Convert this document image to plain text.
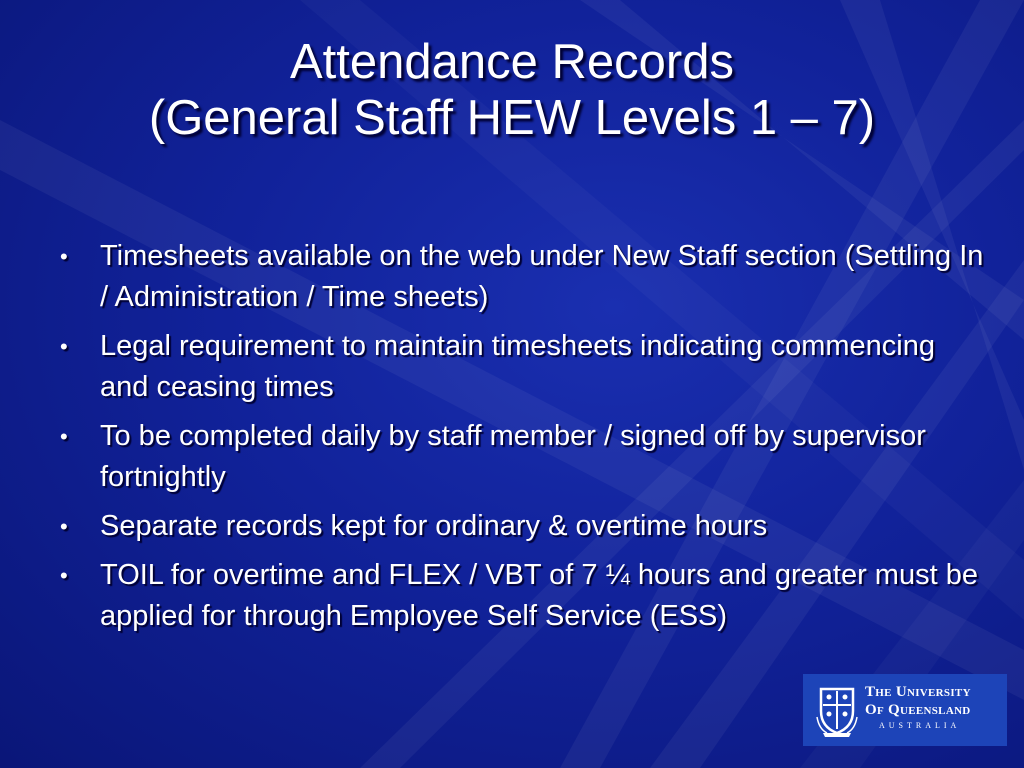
Attendance Records
(General Staff HEW Levels 1 – 7)
• Timesheets available on the web under New Staff section (Settling In / Administration / Time sheets)
• Legal requirement to maintain timesheets indicating commencing and ceasing times
• To be completed daily by staff member / signed off by supervisor fortnightly
• Separate records kept for ordinary & overtime hours
• TOIL for overtime and FLEX / VBT of 7 ¼ hours and greater must be applied for through Employee Self Service (ESS)
The University
Of Queensland
AUSTRALIA
